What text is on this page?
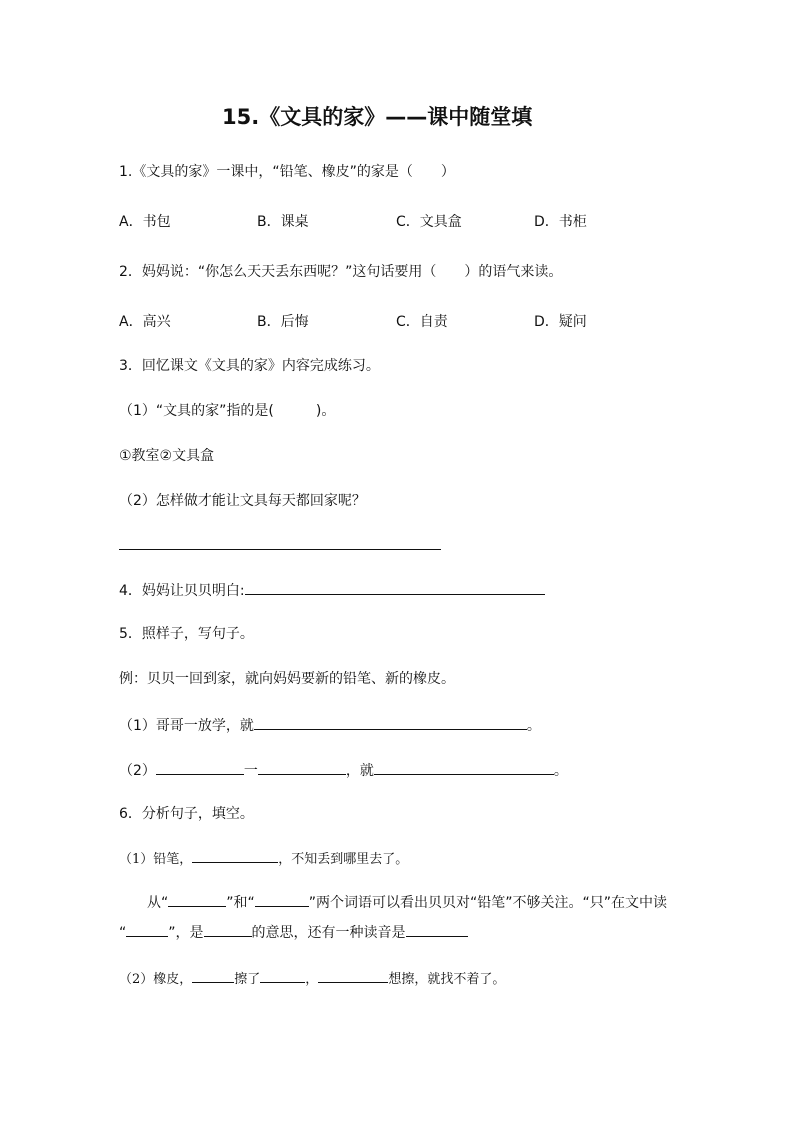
15.《文具的家》——课中随堂填
1.《文具的家》一课中，“铅笔、橡皮”的家是（　　）
A．书包	B．课桌	C．文具盒	D．书柜
2．妈妈说：“你怎么天天丢东西呢？”这句话要用（　　）的语气来读。
A．高兴	B．后悔	C．自责	D．疑问
3．回忆课文《文具的家》内容完成练习。
（1）“文具的家”指的是(　　　)。
①教室②文具盒
（2）怎样做才能让文具每天都回家呢？
4．妈妈让贝贝明白:
5．照样子，写句子。
例：贝贝一回到家，就向妈妈要新的铅笔、新的橡皮。
（1）哥哥一放学，就	。
（2）	一	，就	。
6．分析句子，填空。
（1）铅笔，	，不知丢到哪里去了。
从“	”和“	”两个词语可以看出贝贝对“铅笔”不够关注。“只”在文中读
“	”，是	的意思，还有一种读音是
（2）橡皮，	擦了	，	想擦，就找不着了。
